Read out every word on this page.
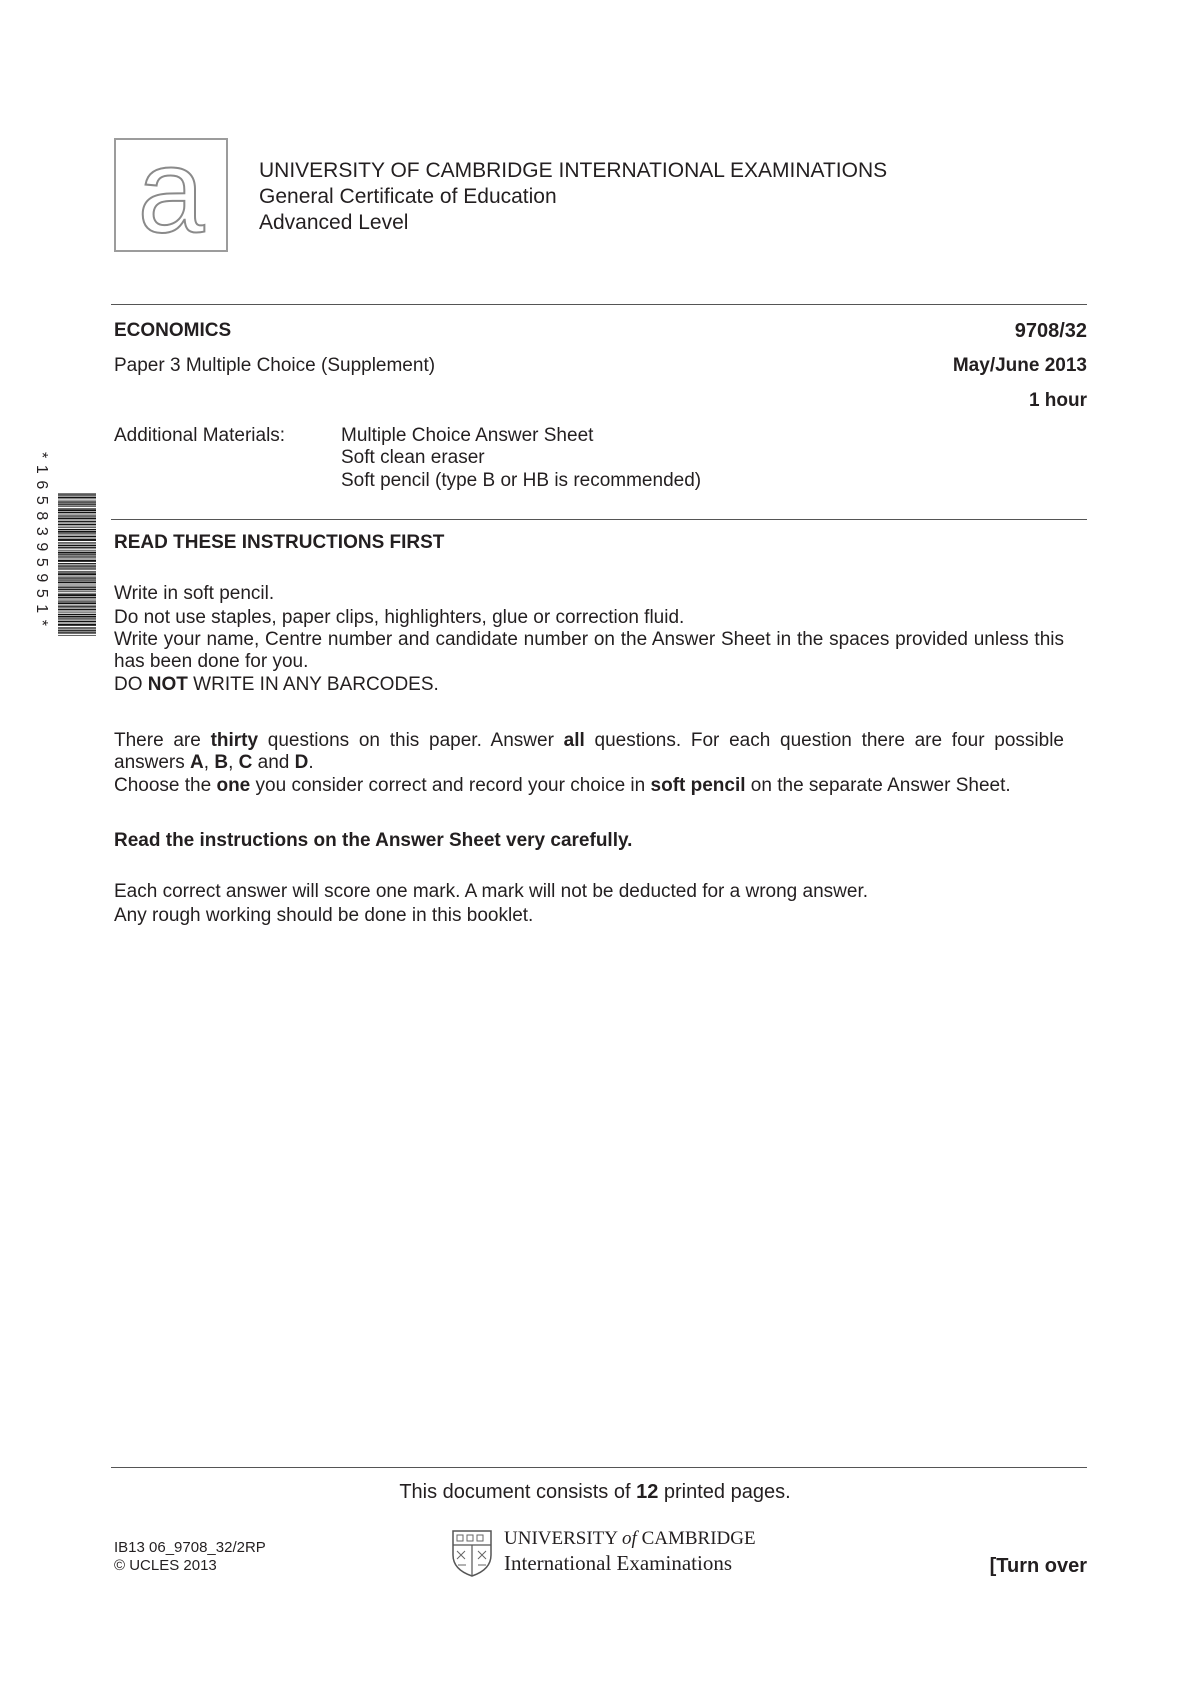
a	UNIVERSITY OF CAMBRIDGE INTERNATIONAL EXAMINATIONS
General Certificate of Education
Advanced Level
ECONOMICS	9708/32
Paper 3 Multiple Choice (Supplement)	May/June 2013
1 hour
Additional Materials:	Multiple Choice Answer Sheet
Soft clean eraser
Soft pencil (type B or HB is recommended)
*1658395951*	READ THESE INSTRUCTIONS FIRST

Write in soft pencil.

Do not use staples, paper clips, highlighters, glue or correction fluid.

Write your name, Centre number and candidate number on the Answer Sheet in the spaces provided unless this has been done for you.

DO NOT WRITE IN ANY BARCODES.

There are thirty questions on this paper. Answer all questions. For each question there are four possible answers A, B, C and D.

Choose the one you consider correct and record your choice in soft pencil on the separate Answer Sheet.

Read the instructions on the Answer Sheet very carefully.

Each correct answer will score one mark. A mark will not be deducted for a wrong answer.

Any rough working should be done in this booklet.

This document consists of 12 printed pages.
IB13 06_9708_32/2RP
© UCLES 2013
UNIVERSITY of CAMBRIDGE
International Examinations	[Turn over
